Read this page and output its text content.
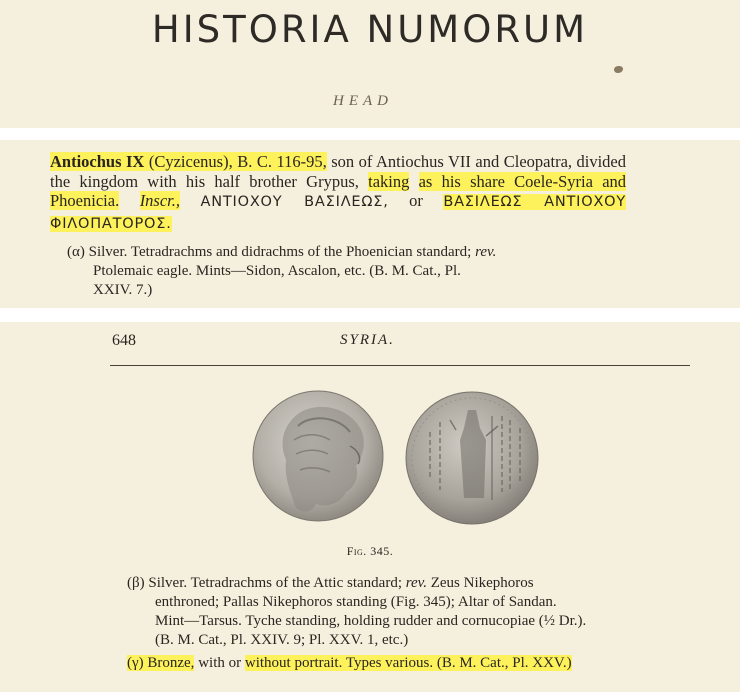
HISTORIA NUMORUM
HEAD
Antiochus IX (Cyzicenus), B. C. 116-95, son of Antiochus VII and Cleopatra, divided the kingdom with his half brother Grypus, taking as his share Coele-Syria and Phoenicia. Inscr., ΑΝΤΙΟΧΟΥ ΒΑΣΙΛΕΩΣ, or ΒΑΣΙΛΕΩΣ ΑΝΤΙΟΧΟΥ ΦΙΛΟΠΑΤΟΡΟΣ.
(α) Silver. Tetradrachms and didrachms of the Phoenician standard; rev.
Ptolemaic eagle. Mints—Sidon, Ascalon, etc. (B. M. Cat., Pl.
XXIV. 7.)
648	SYRIA.
Fig. 345.
(β) Silver. Tetradrachms of the Attic standard; rev. Zeus Nikephoros
enthroned; Pallas Nikephoros standing (Fig. 345); Altar of Sandan.
Mint—Tarsus. Tyche standing, holding rudder and cornucopiae (½ Dr.).
(B. M. Cat., Pl. XXIV. 9; Pl. XXV. 1, etc.)
(γ) Bronze, with or without portrait. Types various. (B. M. Cat., Pl. XXV.)
